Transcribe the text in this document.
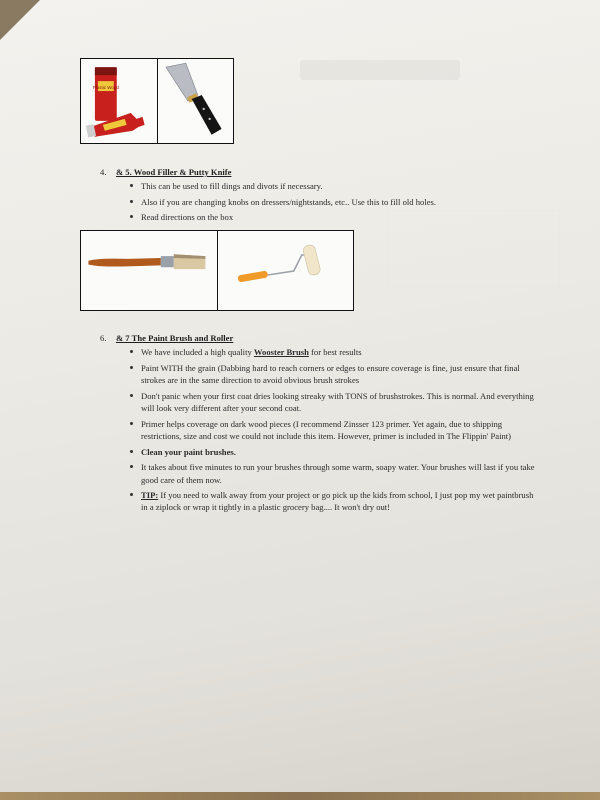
Plastic Wood
4.	& 5. Wood Filler & Putty Knife
This can be used to fill dings and divots if necessary.
Also if you are changing knobs on dressers/nightstands, etc.. Use this to fill old holes.
Read directions on the box
6.	& 7 The Paint Brush and Roller
We have included a high quality Wooster Brush for best results
Paint WITH the grain (Dabbing hard to reach corners or edges to ensure coverage is fine, just ensure that final strokes are in the same direction to avoid obvious brush strokes
Don't panic when your first coat dries looking streaky with TONS of brushstrokes. This is normal. And everything will look very different after your second coat.
Primer helps coverage on dark wood pieces (I recommend Zinsser 123 primer. Yet again, due to shipping restrictions, size and cost we could not include this item. However, primer is included in The Flippin' Paint)
Clean your paint brushes.
It takes about five minutes to run your brushes through some warm, soapy water. Your brushes will last if you take good care of them now.
TIP: If you need to walk away from your project or go pick up the kids from school, I just pop my wet paintbrush in a ziplock or wrap it tightly in a plastic grocery bag.... It won't dry out!
